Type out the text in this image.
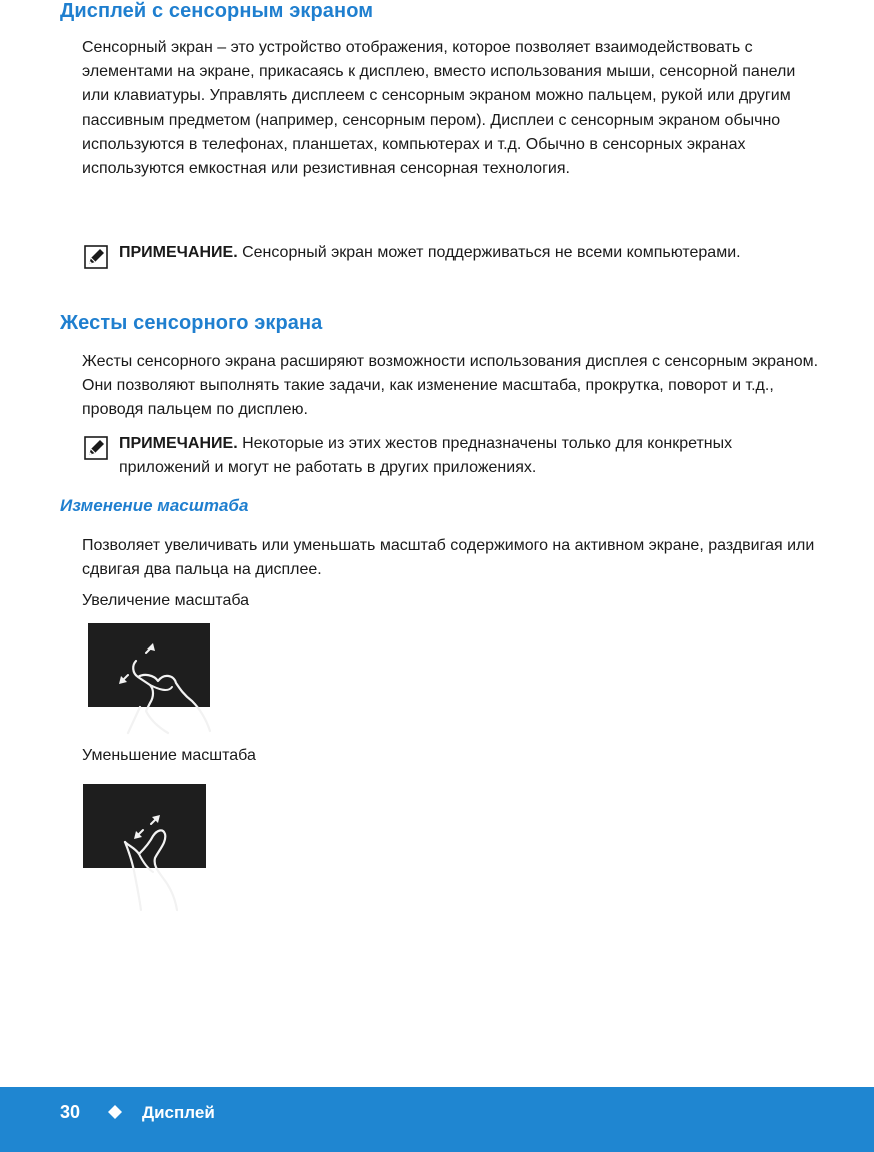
Дисплей с сенсорным экраном

Сенсорный экран – это устройство отображения, которое позволяет взаимодействовать с элементами на экране, прикасаясь к дисплею, вместо использования мыши, сенсорной панели или клавиатуры. Управлять дисплеем с сенсорным экраном можно пальцем, рукой или другим пассивным предметом (например, сенсорным пером). Дисплеи с сенсорным экраном обычно используются в телефонах, планшетах, компьютерах и т.д. Обычно в сенсорных экранах используются емкостная или резистивная сенсорная технология.

ПРИМЕЧАНИЕ. Сенсорный экран может поддерживаться не всеми компьютерами.

Жесты сенсорного экрана

Жесты сенсорного экрана расширяют возможности использования дисплея с сенсорным экраном. Они позволяют выполнять такие задачи, как изменение масштаба, прокрутка, поворот и т.д., проводя пальцем по дисплею.

ПРИМЕЧАНИЕ. Некоторые из этих жестов предназначены только для конкретных приложений и могут не работать в других приложениях.

Изменение масштаба

Позволяет увеличивать или уменьшать масштаб содержимого на активном экране, раздвигая или сдвигая два пальца на дисплее.

Увеличение масштаба

Уменьшение масштаба

30	Дисплей
